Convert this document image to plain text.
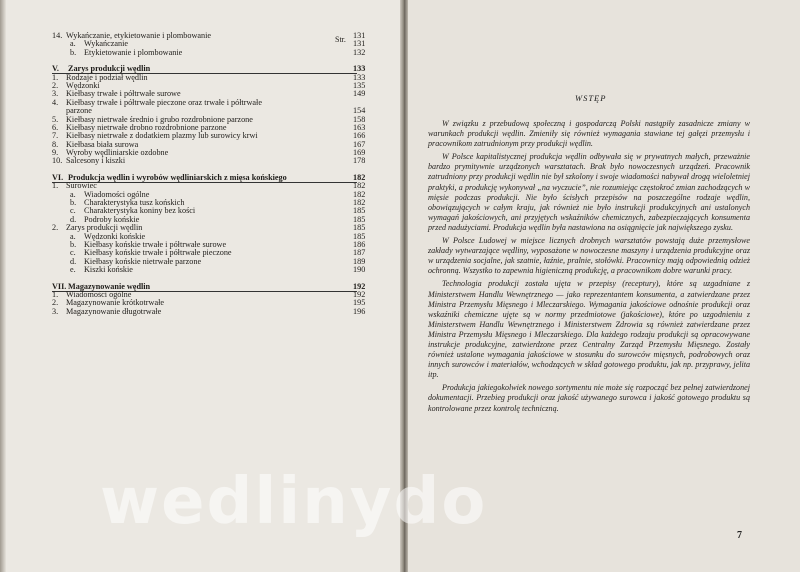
Str.
14. Wykańczanie, etykietowanie i plombowanie	131
a. Wykańczanie	131
b. Etykietowanie i plombowanie	132
V. Zarys produkcji wędlin	133
1. Rodzaje i podział wędlin	133
2. Wędzonki	135
3. Kiełbasy trwałe i półtrwałe surowe	149
4. Kiełbasy trwałe i półtrwałe pieczone oraz trwałe i półtrwałe
parzone	154
5. Kiełbasy nietrwałe średnio i grubo rozdrobnione parzone	158
6. Kiełbasy nietrwałe drobno rozdrobnione parzone	163
7. Kiełbasy nietrwałe z dodatkiem plazmy lub surowicy krwi	166
8. Kiełbasa biała surowa	167
9. Wyroby wędliniarskie ozdobne	169
10. Salcesony i kiszki	178
VI. Produkcja wędlin i wyrobów wędliniarskich z mięsa końskiego	182
1. Surowiec	182
a. Wiadomości ogólne	182
b. Charakterystyka tusz końskich	182
c. Charakterystyka koniny bez kości	185
d. Podroby końskie	185
2. Zarys produkcji wędlin	185
a. Wędzonki końskie	185
b. Kiełbasy końskie trwałe i półtrwałe surowe	186
c. Kiełbasy końskie trwałe i półtrwałe pieczone	187
d. Kiełbasy końskie nietrwałe parzone	189
e. Kiszki końskie	190
VII. Magazynowanie wędlin	192
1. Wiadomości ogólne	192
2. Magazynowanie krótkotrwałe	195
3. Magazynowanie długotrwałe	196
WSTĘP

W związku z przebudową społeczną i gospodarczą Polski nastąpiły zasadnicze zmiany w warunkach produkcji wędlin. Zmieniły się również wymagania stawiane tej gałęzi przemysłu i pracownikom zatrudnionym przy produkcji wędlin.

W Polsce kapitalistycznej produkcja wędlin odbywała się w prywatnych małych, przeważnie bardzo prymitywnie urządzonych warsztatach. Brak było nowoczesnych urządzeń. Pracownik zatrudniony przy produkcji wędlin nie był szkolony i swoje wiadomości nabywał drogą wieloletniej praktyki, a produkcję wykonywał „na wyczucie”, nie rozumiejąc częstokroć zmian zachodzących w mięsie podczas produkcji. Nie było ścisłych przepisów na poszczególne rodzaje wędlin, obowiązujących w całym kraju, jak również nie było instrukcji produkcyjnych ani ustalonych wymagań jakościowych, ani przyjętych wskaźników chemicznych, zabezpieczających konsumenta przed nadużyciami. Produkcja wędlin była nastawiona na osiągnięcie jak największego zysku.

W Polsce Ludowej w miejsce licznych drobnych warsztatów powstają duże przemysłowe zakłady wytwarzające wędliny, wyposażone w nowoczesne maszyny i urządzenia produkcyjne oraz w urządzenia socjalne, jak szatnie, łaźnie, pralnie, stołówki. Pracownicy mają odpowiednią odzież ochronną. Wszystko to zapewnia higieniczną produkcję, a pracownikom dobre warunki pracy.

Technologia produkcji została ujęta w przepisy (receptury), które są uzgadniane z Ministerstwem Handlu Wewnętrznego — jako reprezentantem konsumenta, a zatwierdzane przez Ministra Przemysłu Mięsnego i Mleczarskiego. Wymagania jakościowe odnośnie produkcji oraz wskaźniki chemiczne ujęte są w normy przedmiotowe (jakościowe), które po uzgodnieniu z Ministerstwem Handlu Wewnętrznego i Ministerstwem Zdrowia są również zatwierdzane przez Ministra Przemysłu Mięsnego i Mleczarskiego. Dla każdego rodzaju produkcji są opracowywane instrukcje produkcyjne, zatwierdzone przez Centralny Zarząd Przemysłu Mięsnego. Zostały również ustalone wymagania jakościowe w stosunku do surowców mięsnych, podrobowych oraz innych surowców i materiałów, wchodzących w skład gotowego produktu, jak np. przyprawy, jelita itp.

Produkcja jakiegokolwiek nowego sortymentu nie może się rozpocząć bez pełnej zatwierdzonej dokumentacji. Przebieg produkcji oraz jakość używanego surowca i jakość gotowego produktu są kontrolowane przez kontrolę techniczną.

7
wedlinydo
